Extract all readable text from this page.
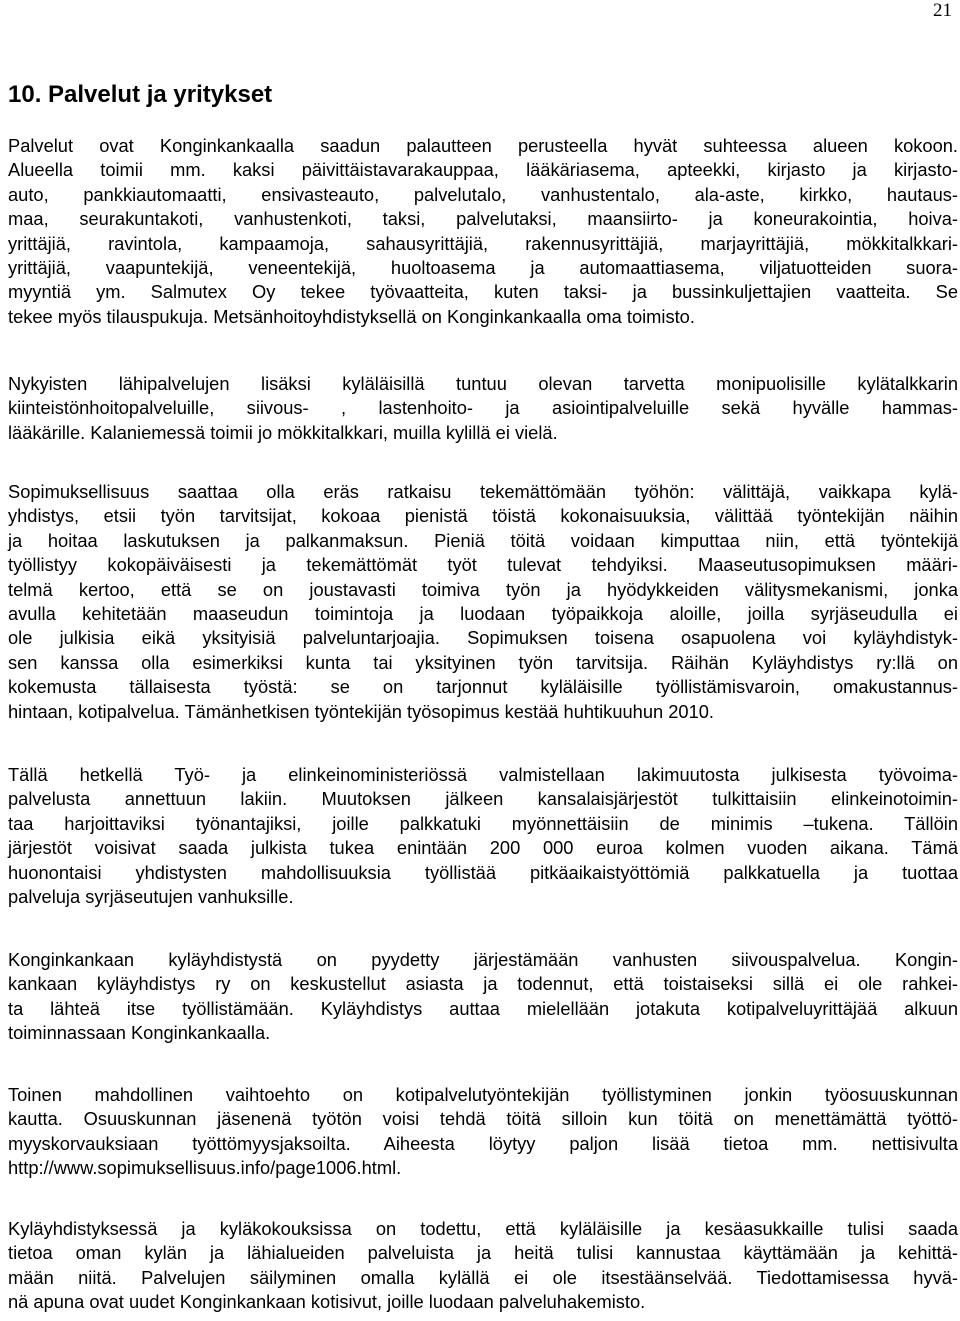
21
10. Palvelut ja yritykset
Palvelut ovat Konginkankaalla saadun palautteen perusteella hyvät suhteessa alueen kokoon.
Alueella toimii mm. kaksi päivittäistavarakauppaa, lääkäriasema, apteekki, kirjasto ja kirjasto-
auto, pankkiautomaatti, ensivasteauto, palvelutalo, vanhustentalo, ala-aste, kirkko, hautaus-
maa, seurakuntakoti, vanhustenkoti, taksi, palvelutaksi, maansiirto- ja koneurakointia, hoiva-
yrittäjiä, ravintola, kampaamoja, sahausyrittäjiä, rakennusyrittäjiä, marjayrittäjiä, mökkitalkkari-
yrittäjiä, vaapuntekijä, veneentekijä, huoltoasema ja automaattiasema, viljatuotteiden suora-
myyntiä ym. Salmutex Oy tekee työvaatteita, kuten taksi- ja bussinkuljettajien vaatteita. Se
tekee myös tilauspukuja. Metsänhoitoyhdistyksellä on Konginkankaalla oma toimisto.
Nykyisten lähipalvelujen lisäksi kyläläisillä tuntuu olevan tarvetta monipuolisille kylätalkkarin
kiinteistönhoitopalveluille, siivous- , lastenhoito- ja asiointipalveluille sekä hyvälle hammas-
lääkärille. Kalaniemessä toimii jo mökkitalkkari, muilla kylillä ei vielä.
Sopimuksellisuus saattaa olla eräs ratkaisu tekemättömään työhön: välittäjä, vaikkapa kylä-
yhdistys, etsii työn tarvitsijat, kokoaa pienistä töistä kokonaisuuksia, välittää työntekijän näihin
ja hoitaa laskutuksen ja palkanmaksun. Pieniä töitä voidaan kimputtaa niin, että työntekijä
työllistyy kokopäiväisesti ja tekemättömät työt tulevat tehdyiksi. Maaseutusopimuksen määri-
telmä kertoo, että se on joustavasti toimiva työn ja hyödykkeiden välitysmekanismi, jonka
avulla kehitetään maaseudun toimintoja ja luodaan työpaikkoja aloille, joilla syrjäseudulla ei
ole julkisia eikä yksityisiä palveluntarjoajia. Sopimuksen toisena osapuolena voi kyläyhdistyk-
sen kanssa olla esimerkiksi kunta tai yksityinen työn tarvitsija. Räihän Kyläyhdistys ry:llä on
kokemusta tällaisesta työstä: se on tarjonnut kyläläisille työllistämisvaroin, omakustannus-
hintaan, kotipalvelua. Tämänhetkisen työntekijän työsopimus kestää huhtikuuhun 2010.
Tällä hetkellä Työ- ja elinkeinoministeriössä valmistellaan lakimuutosta julkisesta työvoima-
palvelusta annettuun lakiin. Muutoksen jälkeen kansalaisjärjestöt tulkittaisiin elinkeinotoimin-
taa harjoittaviksi työnantajiksi, joille palkkatuki myönnettäisiin de minimis –tukena. Tällöin
järjestöt voisivat saada julkista tukea enintään 200 000 euroa kolmen vuoden aikana. Tämä
huonontaisi yhdistysten mahdollisuuksia työllistää pitkäaikaistyöttömiä palkkatuella ja tuottaa
palveluja syrjäseutujen vanhuksille.
Konginkankaan kyläyhdistystä on pyydetty järjestämään vanhusten siivouspalvelua. Kongin-
kankaan kyläyhdistys ry on keskustellut asiasta ja todennut, että toistaiseksi sillä ei ole rahkei-
ta lähteä itse työllistämään. Kyläyhdistys auttaa mielellään jotakuta kotipalveluyrittäjää alkuun
toiminnassaan Konginkankaalla.
Toinen mahdollinen vaihtoehto on kotipalvelutyöntekijän työllistyminen jonkin työosuuskunnan
kautta. Osuuskunnan jäsenenä työtön voisi tehdä töitä silloin kun töitä on menettämättä työttö-
myyskorvauksiaan työttömyysjaksoilta. Aiheesta löytyy paljon lisää tietoa mm. nettisivulta
http://www.sopimuksellisuus.info/page1006.html.
Kyläyhdistyksessä ja kyläkokouksissa on todettu, että kyläläisille ja kesäasukkaille tulisi saada
tietoa oman kylän ja lähialueiden palveluista ja heitä tulisi kannustaa käyttämään ja kehittä-
mään niitä. Palvelujen säilyminen omalla kylällä ei ole itsestäänselvää. Tiedottamisessa hyvä-
nä apuna ovat uudet Konginkankaan kotisivut, joille luodaan palveluhakemisto.
